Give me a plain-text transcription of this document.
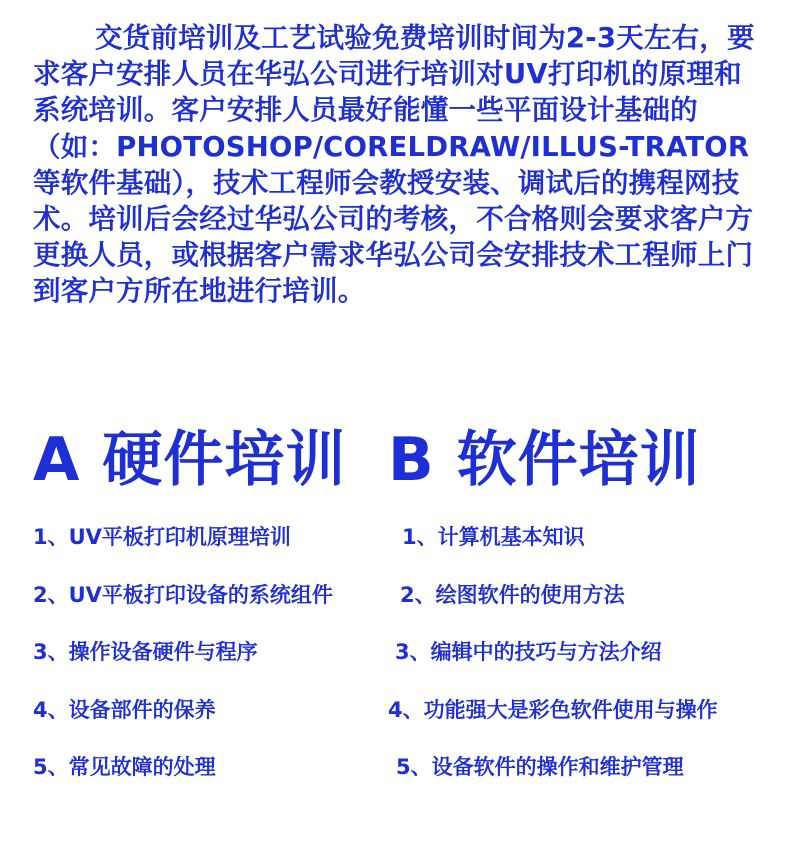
交货前培训及工艺试验免费培训时间为2-3天左右，要求客户安排人员在华弘公司进行培训对UV打印机的原理和系统培训。客户安排人员最好能懂一些平面设计基础的（如：PHOTOSHOP/CORELDRAW/ILLUS-TRATOR等软件基础），技术工程师会教授安装、调试后的携程网技术。培训后会经过华弘公司的考核，不合格则会要求客户方更换人员，或根据客户需求华弘公司会安排技术工程师上门到客户方所在地进行培训。
A 硬件培训 B 软件培训
1、UV平板打印机原理培训
2、UV平板打印设备的系统组件
3、操作设备硬件与程序
4、设备部件的保养
5、常见故障的处理
1、计算机基本知识
2、绘图软件的使用方法
3、编辑中的技巧与方法介绍
4、功能强大是彩色软件使用与操作
5、设备软件的操作和维护管理
